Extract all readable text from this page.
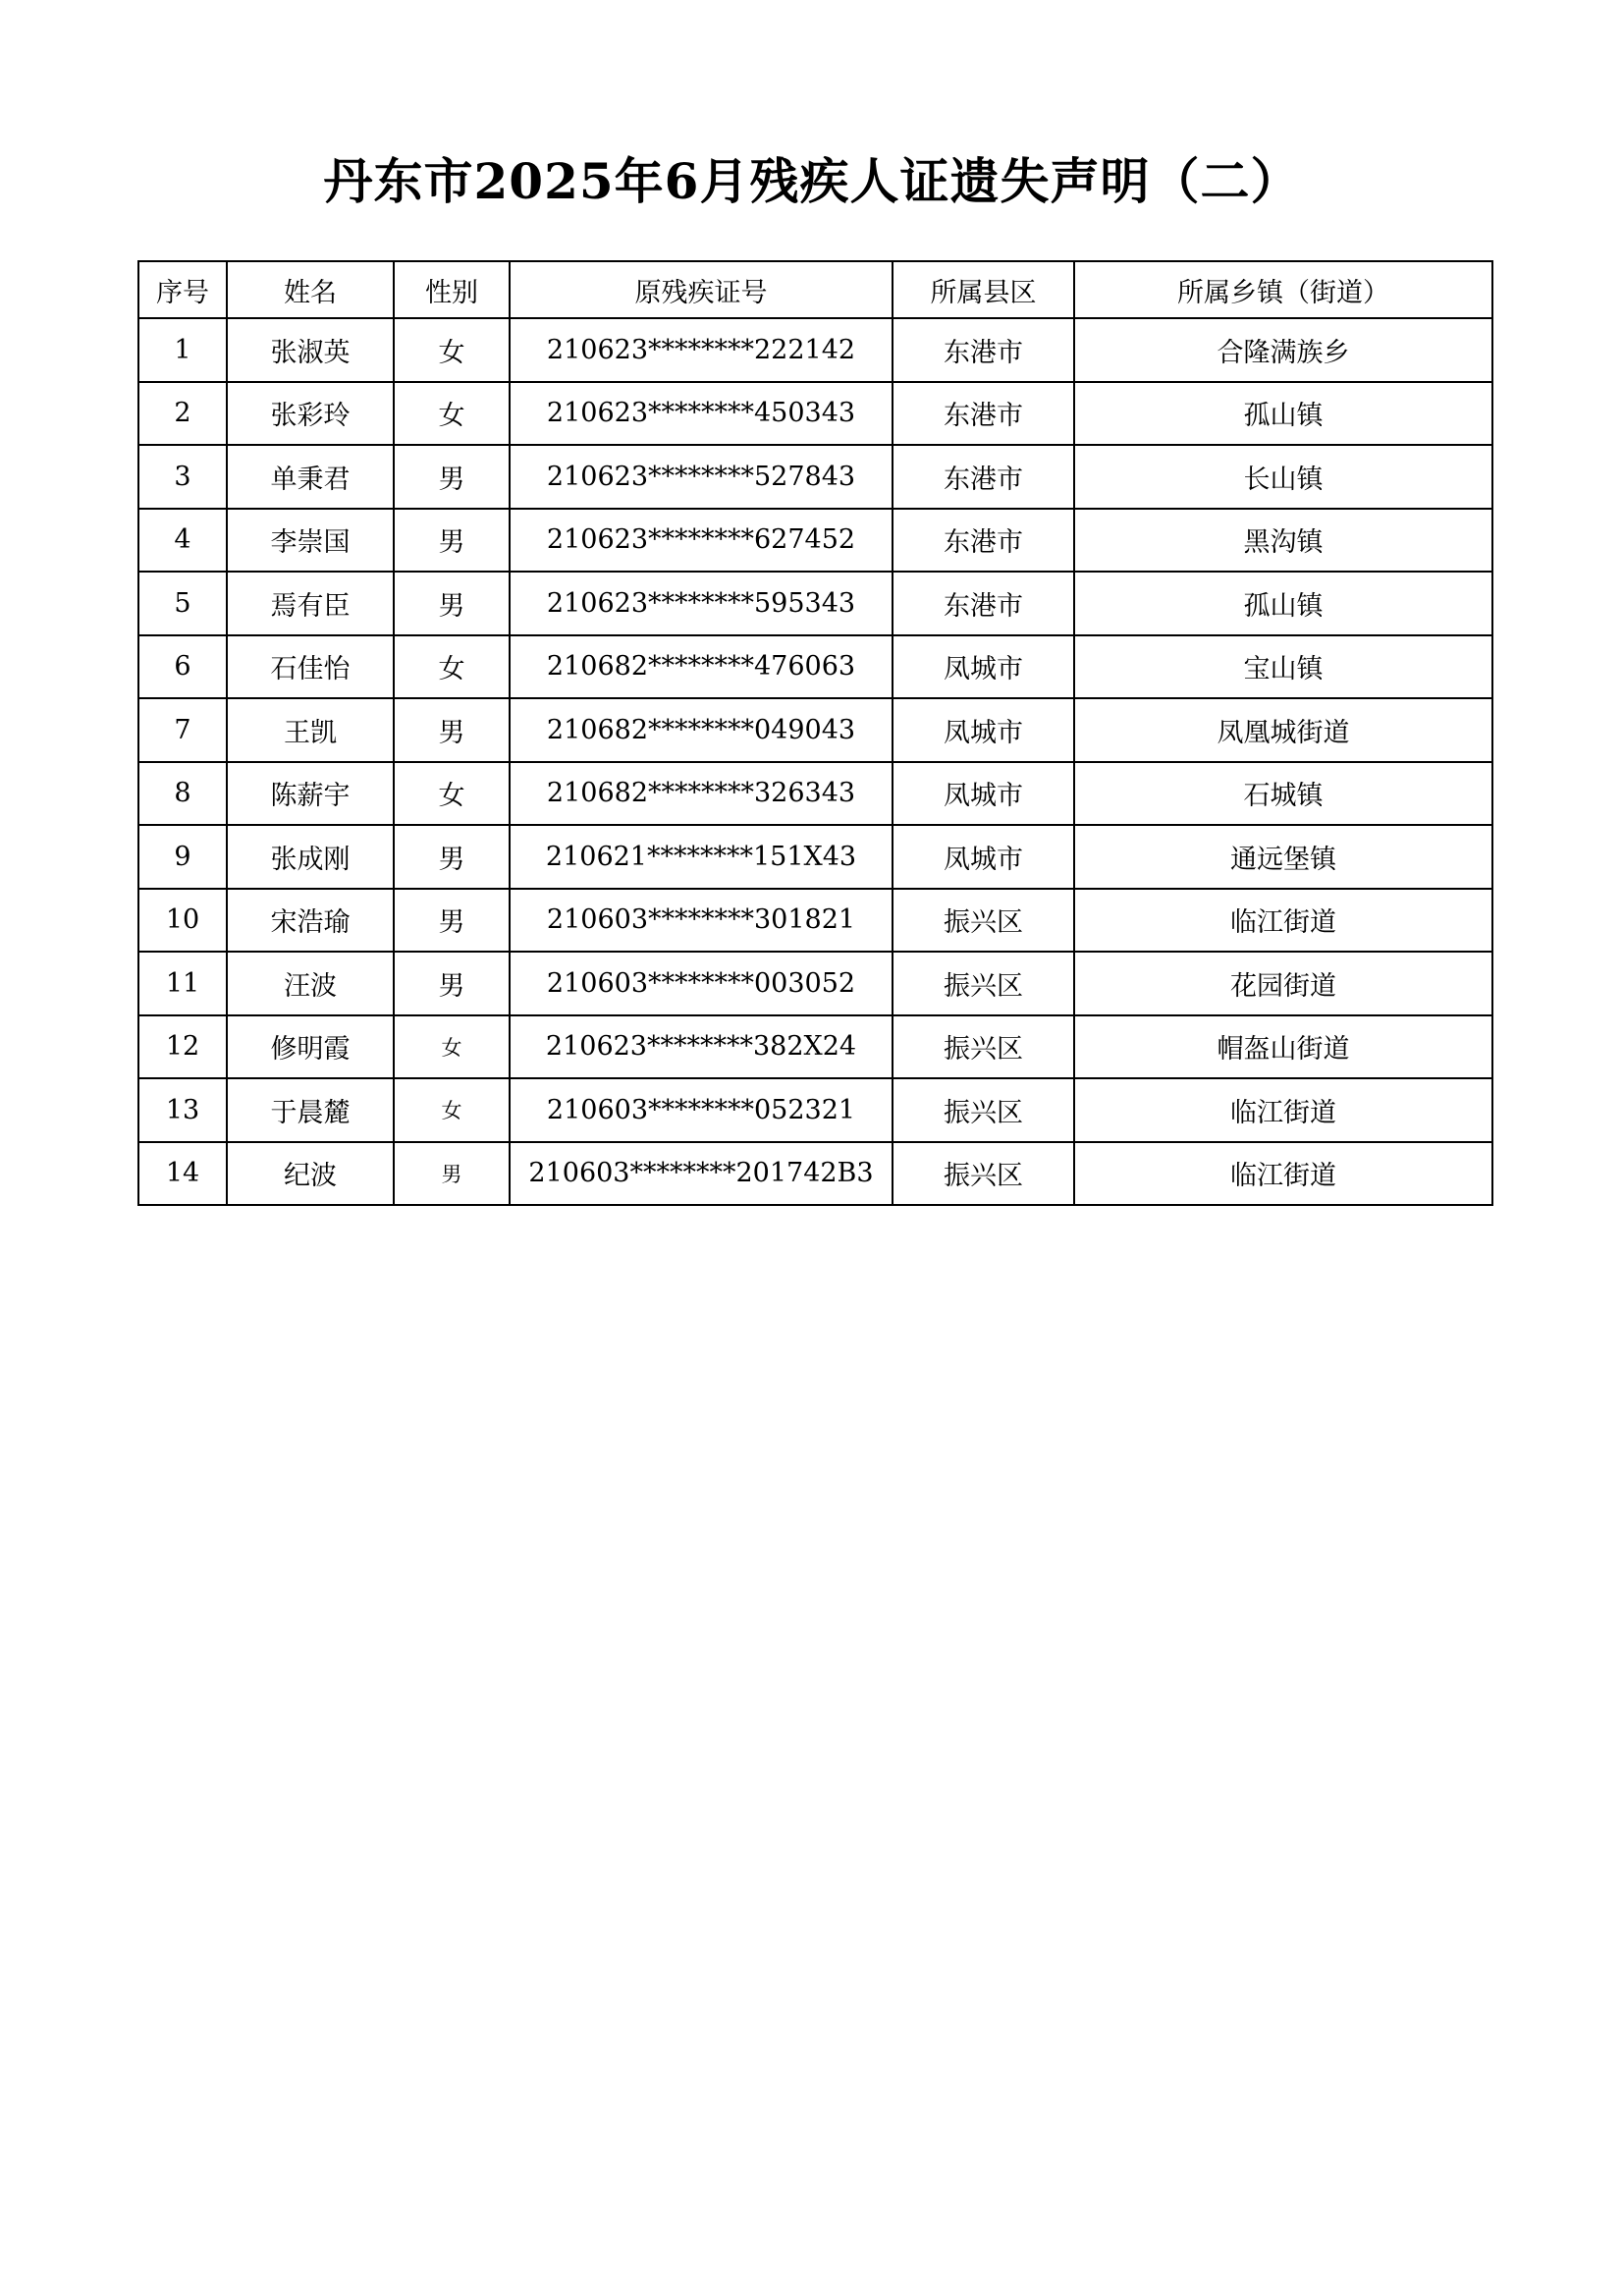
丹东市2025年6月残疾人证遗失声明（二）
序号	姓名	性别	原残疾证号	所属县区	所属乡镇（街道）
1	张淑英	女	210623********222142	东港市	合隆满族乡
2	张彩玲	女	210623********450343	东港市	孤山镇
3	单秉君	男	210623********527843	东港市	长山镇
4	李崇国	男	210623********627452	东港市	黑沟镇
5	焉有臣	男	210623********595343	东港市	孤山镇
6	石佳怡	女	210682********476063	凤城市	宝山镇
7	王凯	男	210682********049043	凤城市	凤凰城街道
8	陈薪宇	女	210682********326343	凤城市	石城镇
9	张成刚	男	210621********151X43	凤城市	通远堡镇
10	宋浩瑜	男	210603********301821	振兴区	临江街道
11	汪波	男	210603********003052	振兴区	花园街道
12	修明霞	女	210623********382X24	振兴区	帽盔山街道
13	于晨麓	女	210603********052321	振兴区	临江街道
14	纪波	男	210603********201742B3	振兴区	临江街道
